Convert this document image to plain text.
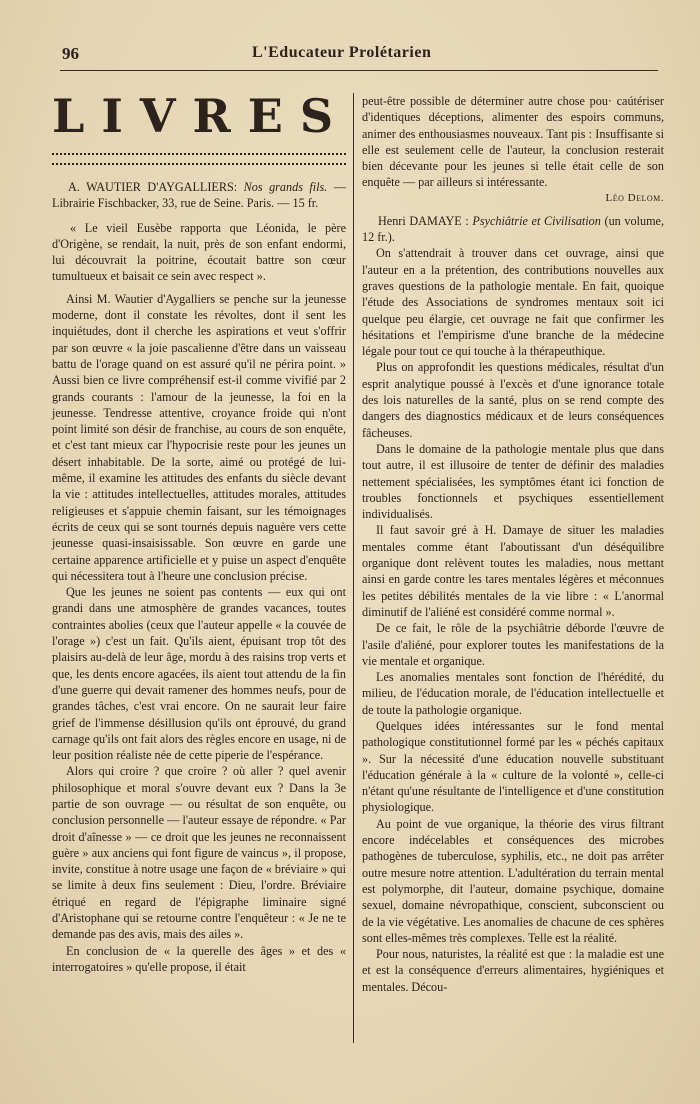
96	L'Educateur Prolétarien
LIVRES

A. WAUTIER D'AYGALLIERS: Nos grands fils. — Librairie Fischbacker, 33, rue de Seine. Paris. — 15 fr.

« Le vieil Eusèbe rapporta que Léonida, le père d'Origène, se rendait, la nuit, près de son enfant endormi, lui découvrait la poitrine, écoutait battre son cœur tumultueux et baisait ce sein avec respect ».

Ainsi M. Wautier d'Aygalliers se penche sur la jeunesse moderne, dont il constate les révoltes, dont il sent les inquiétudes, dont il cherche les aspirations et veut s'offrir par son œuvre « la joie pascalienne d'être dans un vaisseau battu de l'orage quand on est assuré qu'il ne périra point. » Aussi bien ce livre compréhensif est-il comme vivifié par 2 grands courants : l'amour de la jeunesse, la foi en la jeunesse. Tendresse attentive, croyance froide qui n'ont point limité son désir de franchise, au cours de son enquête, et c'est tant mieux car l'hypocrisie reste pour les jeunes un désert inhabitable. De la sorte, aimé ou protégé de lui-même, il examine les attitudes des enfants du siècle devant la vie : attitudes intellectuelles, attitudes morales, attitudes religieuses et s'appuie chemin faisant, sur les témoignages écrits de ceux qui se sont tournés depuis naguère vers cette jeunesse quasi-insaisissable. Son œuvre en garde une certaine apparence artificielle et y puise un aspect d'enquête qui nécessitera tout à l'heure une conclusion précise.

Que les jeunes ne soient pas contents — eux qui ont grandi dans une atmosphère de grandes vacances, toutes contraintes abolies (ceux que l'auteur appelle « la couvée de l'orage ») c'est un fait. Qu'ils aient, épuisant trop tôt des plaisirs au-delà de leur âge, mordu à des raisins trop verts et que, les dents encore agacées, ils aient tout attendu de la fin d'une guerre qui devait ramener des hommes neufs, pour de grandes tâches, c'est vrai encore. On ne saurait leur faire grief de l'immense désillusion qu'ils ont éprouvé, du grand carnage qu'ils ont fait alors des règles encore en usage, ni de leur position réaliste née de cette piperie de l'espérance.

Alors qui croire ? que croire ? où aller ? quel avenir philosophique et moral s'ouvre devant eux ? Dans la 3e partie de son ouvrage — ou résultat de son enquête, ou conclusion personnelle — l'auteur essaye de répondre. « Par droit d'aînesse » — ce droit que les jeunes ne reconnaissent guère » aux anciens qui font figure de vaincus », il propose, invite, constitue à notre usage une façon de « bréviaire » qui se limite à deux fins seulement : Dieu, l'ordre. Bréviaire étriqué en regard de l'épigraphe liminaire signé d'Aristophane qui se retourne contre l'enquêteur : « Je ne te demande pas des avis, mais des ailes ».

En conclusion de « la querelle des âges » et des « interrogatoires » qu'elle propose, il était

peut-être possible de déterminer autre chose pou· caútériser d'identiques déceptions, alimenter des espoirs communs, animer des enthousiasmes nouveaux. Tant pis : Insuffisante si elle est seulement celle de l'auteur, la conclusion resterait bien décevante pour les jeunes si telle était celle de son enquête — par ailleurs si intéressante.

Léo Delom.

Henri DAMAYE : Psychiâtrie et Civilisation (un volume, 12 fr.).

On s'attendrait à trouver dans cet ouvrage, ainsi que l'auteur en a la prétention, des contributions nouvelles aux graves questions de la pathologie mentale. En fait, quoique l'étude des Associations de syndromes mentaux soit ici quelque peu élargie, cet ouvrage ne fait que confirmer les hésitations et l'empirisme d'une branche de la médecine légale pour tout ce qui touche à la thérapeuthique.

Plus on approfondit les questions médicales, résultat d'un esprit analytique poussé à l'excès et d'une ignorance totale des lois naturelles de la santé, plus on se rend compte des dangers des diagnostics médicaux et de leurs conséquences fâcheuses.

Dans le domaine de la pathologie mentale plus que dans tout autre, il est illusoire de tenter de définir des maladies nettement spécialisées, les symptômes étant ici fonction de troubles fonctionnels et psychiques essentiellement individualisés.

Il faut savoir gré à H. Damaye de situer les maladies mentales comme étant l'aboutissant d'un déséquilibre organique dont relèvent toutes les maladies, nous mettant ainsi en garde contre les tares mentales légères et méconnues les petites débilités mentales de la vie libre : « L'anormal diminutif de l'aliéné est considéré comme normal ».

De ce fait, le rôle de la psychiâtrie déborde l'œuvre de l'asile d'aliéné, pour explorer toutes les manifestations de la vie mentale et organique.

Les anomalies mentales sont fonction de l'hérédité, du milieu, de l'éducation morale, de l'éducation intellectuelle et de toute la pathologie organique.

Quelques idées intéressantes sur le fond mental pathologique constitutionnel formé par les « péchés capitaux ». Sur la nécessité d'une éducation nouvelle substituant l'éducation générale à la « culture de la volonté », celle-ci n'étant qu'une résultante de l'intelligence et d'une constitution physiologique.

Au point de vue organique, la théorie des virus filtrant encore indécelables et conséquences des microbes pathogènes de tuberculose, syphilis, etc., ne doit pas arrêter outre mesure notre attention. L'adultération du terrain mental est polymorphe, dit l'auteur, domaine psychique, domaine sexuel, domaine névropathique, conscient, subconscient ou de la vie végétative. Les anomalies de chacune de ces sphères sont elles-mêmes très complexes. Telle est la réalité.

Pour nous, naturistes, la réalité est que : la maladie est une et est la conséquence d'erreurs alimentaires, hygiéniques et mentales. Décou-
